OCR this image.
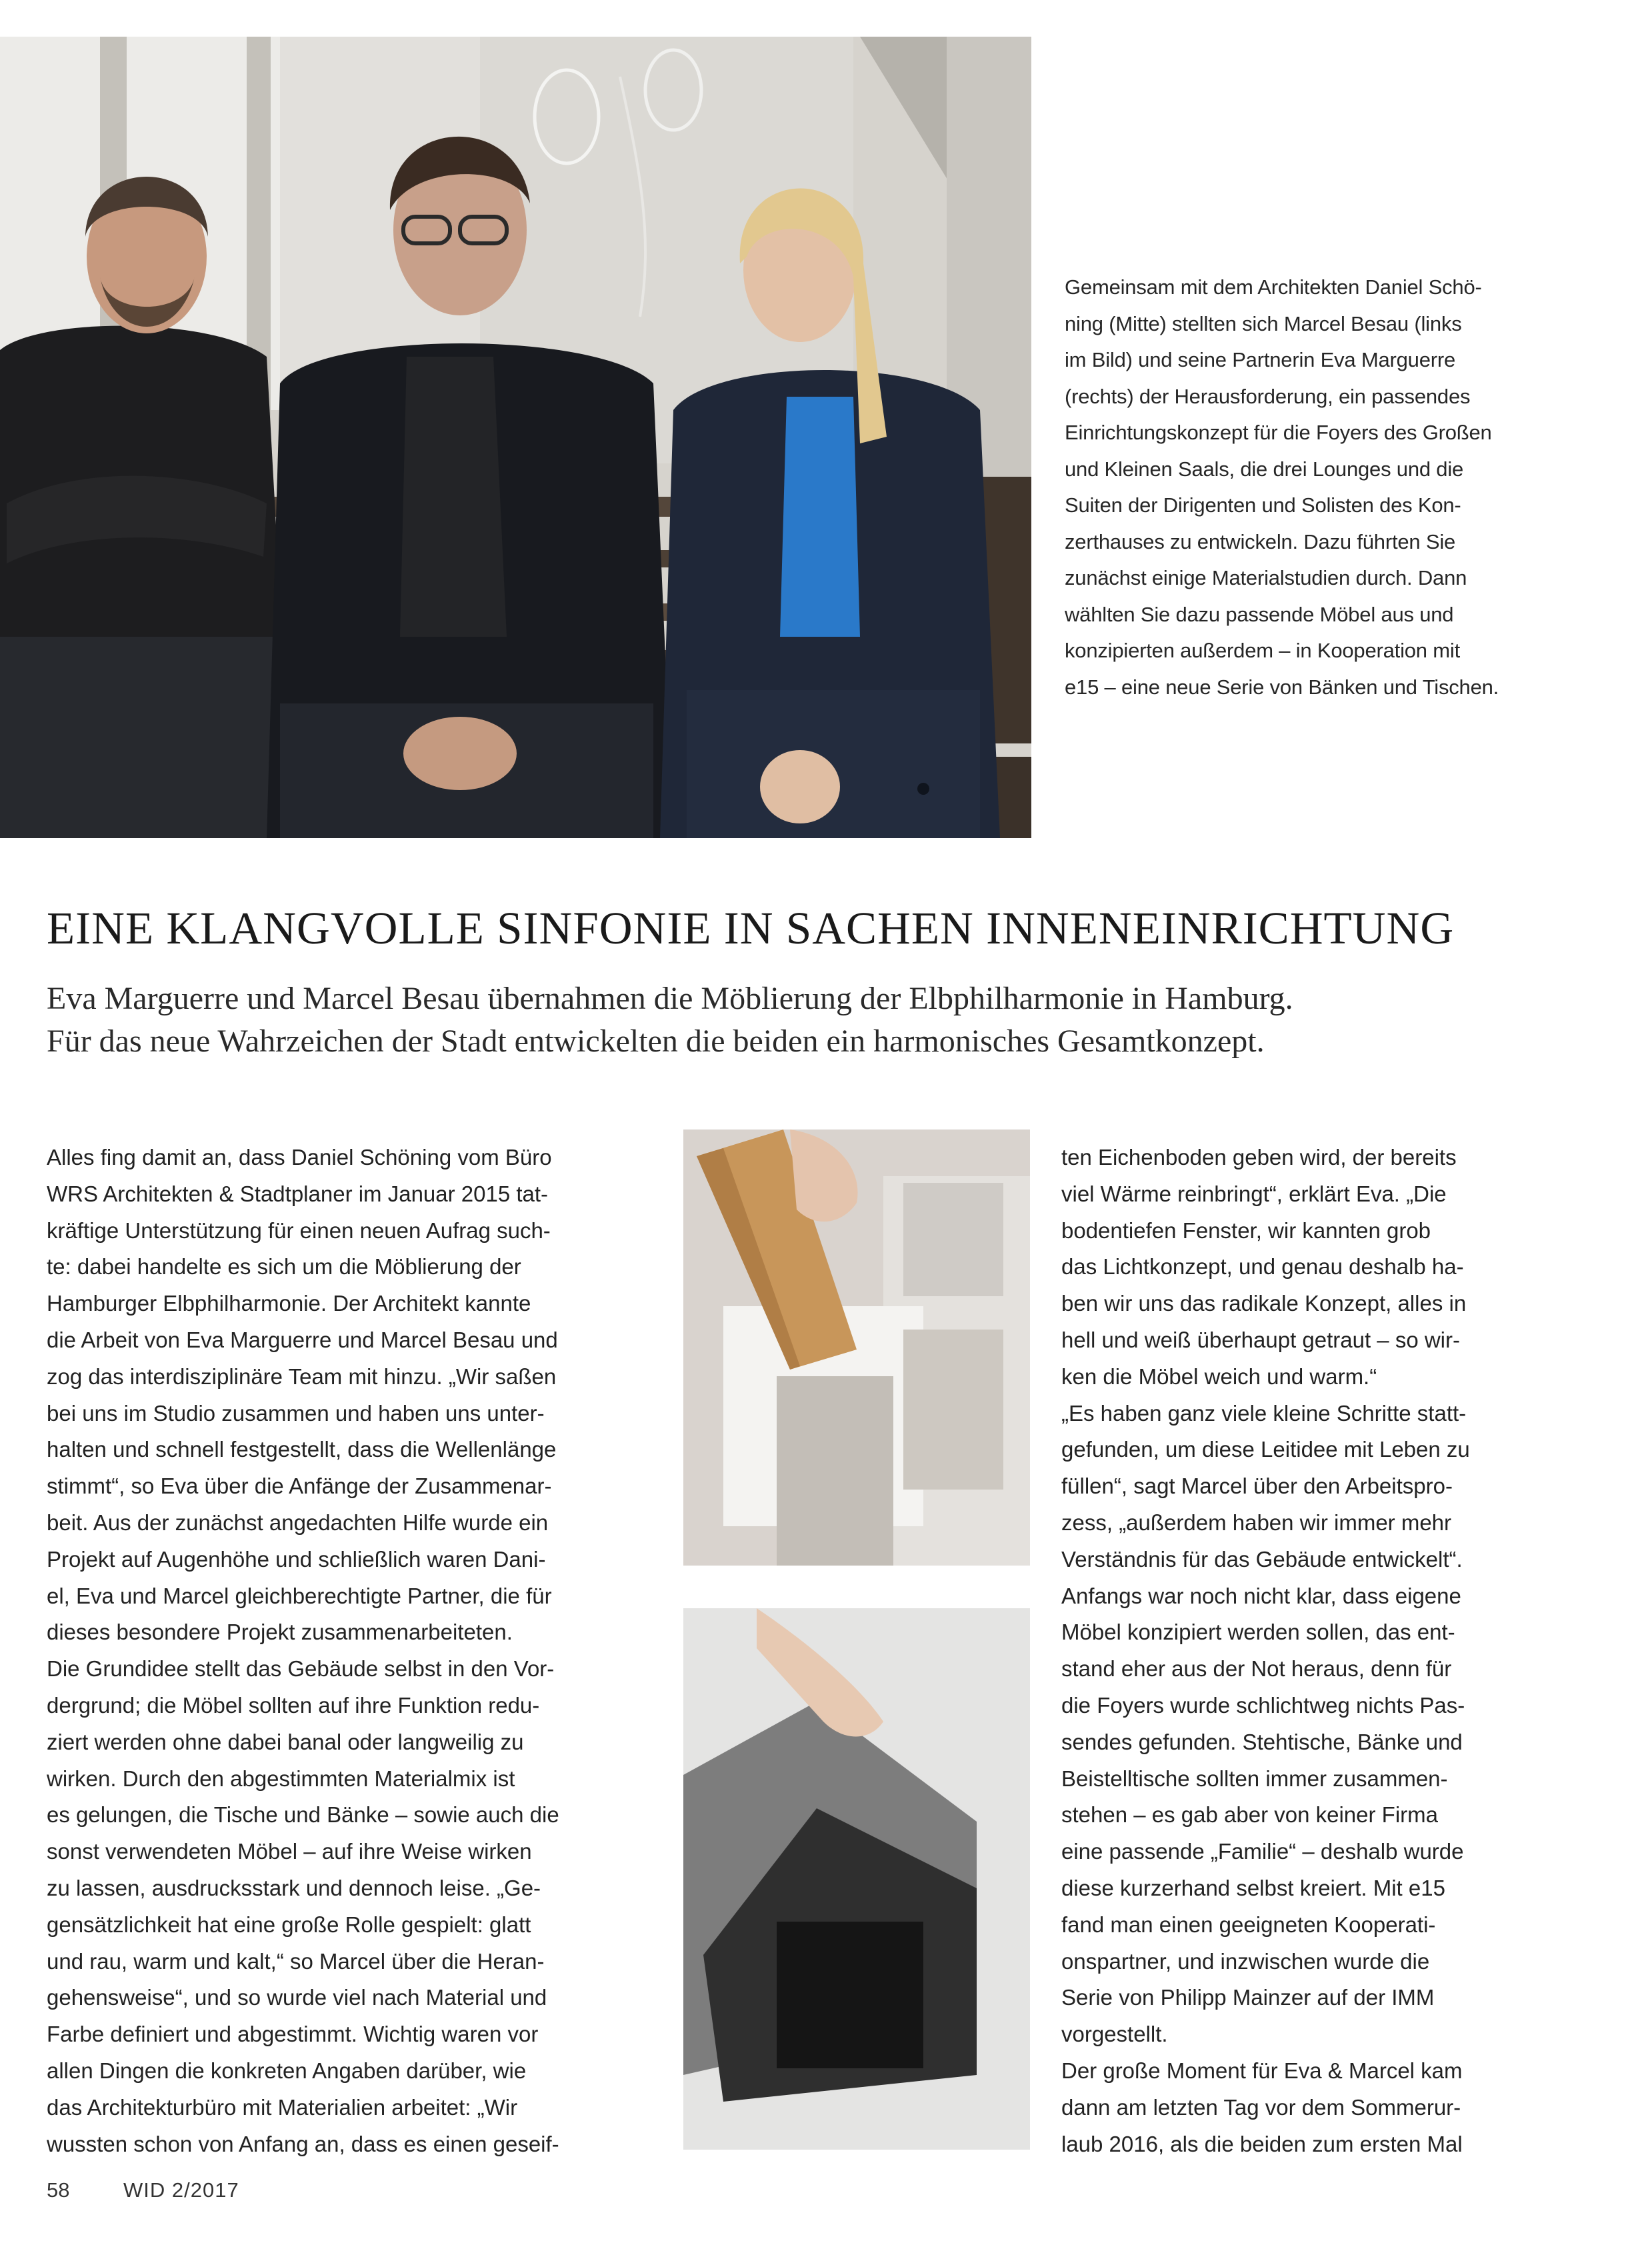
Gemeinsam mit dem Architekten Daniel Schö-
ning (Mitte) stellten sich Marcel Besau (links
im Bild) und seine Partnerin Eva Marguerre
(rechts) der Herausforderung, ein passendes
Einrichtungskonzept für die Foyers des Großen
und Kleinen Saals, die drei Lounges und die
Suiten der Dirigenten und Solisten des Kon-
zerthauses zu entwickeln. Dazu führten Sie
zunächst einige Materialstudien durch. Dann
wählten Sie dazu passende Möbel aus und
konzipierten außerdem – in Kooperation mit
e15 – eine neue Serie von Bänken und Tischen.
EINE KLANGVOLLE SINFONIE IN SACHEN INNENEINRICHTUNG
Eva Marguerre und Marcel Besau übernahmen die Möblierung der Elbphilharmonie in Hamburg.
Für das neue Wahrzeichen der Stadt entwickelten die beiden ein harmonisches Gesamtkonzept.
Alles fing damit an, dass Daniel Schöning vom Büro
WRS Architekten & Stadtplaner im Januar 2015 tat-
kräftige Unterstützung für einen neuen Aufrag such-
te: dabei handelte es sich um die Möblierung der
Hamburger Elbphilharmonie. Der Architekt kannte
die Arbeit von Eva Marguerre und Marcel Besau und
zog das interdisziplinäre Team mit hinzu. „Wir saßen
bei uns im Studio zusammen und haben uns unter-
halten und schnell festgestellt, dass die Wellenlänge
stimmt“, so Eva über die Anfänge der Zusammenar-
beit. Aus der zunächst angedachten Hilfe wurde ein
Projekt auf Augenhöhe und schließlich waren Dani-
el, Eva und Marcel gleichberechtigte Partner, die für
dieses besondere Projekt zusammenarbeiteten.
Die Grundidee stellt das Gebäude selbst in den Vor-
dergrund; die Möbel sollten auf ihre Funktion redu-
ziert werden ohne dabei banal oder langweilig zu
wirken. Durch den abgestimmten Materialmix ist
es gelungen, die Tische und Bänke – sowie auch die
sonst verwendeten Möbel – auf ihre Weise wirken
zu lassen, ausdrucksstark und dennoch leise. „Ge-
gensätzlichkeit hat eine große Rolle gespielt: glatt
und rau, warm und kalt,“ so Marcel über die Heran-
gehensweise“, und so wurde viel nach Material und
Farbe definiert und abgestimmt. Wichtig waren vor
allen Dingen die konkreten Angaben darüber, wie
das Architekturbüro mit Materialien arbeitet: „Wir
wussten schon von Anfang an, dass es einen geseif-
ten Eichenboden geben wird, der bereits
viel Wärme reinbringt“, erklärt Eva. „Die
bodentiefen Fenster, wir kannten grob
das Lichtkonzept, und genau deshalb ha-
ben wir uns das radikale Konzept, alles in
hell und weiß überhaupt getraut – so wir-
ken die Möbel weich und warm.“
„Es haben ganz viele kleine Schritte statt-
gefunden, um diese Leitidee mit Leben zu
füllen“, sagt Marcel über den Arbeitspro-
zess, „außerdem haben wir immer mehr
Verständnis für das Gebäude entwickelt“.
Anfangs war noch nicht klar, dass eigene
Möbel konzipiert werden sollen, das ent-
stand eher aus der Not heraus, denn für
die Foyers wurde schlichtweg nichts Pas-
sendes gefunden. Stehtische, Bänke und
Beistelltische sollten immer zusammen-
stehen – es gab aber von keiner Firma
eine passende „Familie“ – deshalb wurde
diese kurzerhand selbst kreiert. Mit e15
fand man einen geeigneten Kooperati-
onspartner, und inzwischen wurde die
Serie von Philipp Mainzer auf der IMM
vorgestellt.
Der große Moment für Eva & Marcel kam
dann am letzten Tag vor dem Sommerur-
laub 2016, als die beiden zum ersten Mal
58	WID 2/2017
